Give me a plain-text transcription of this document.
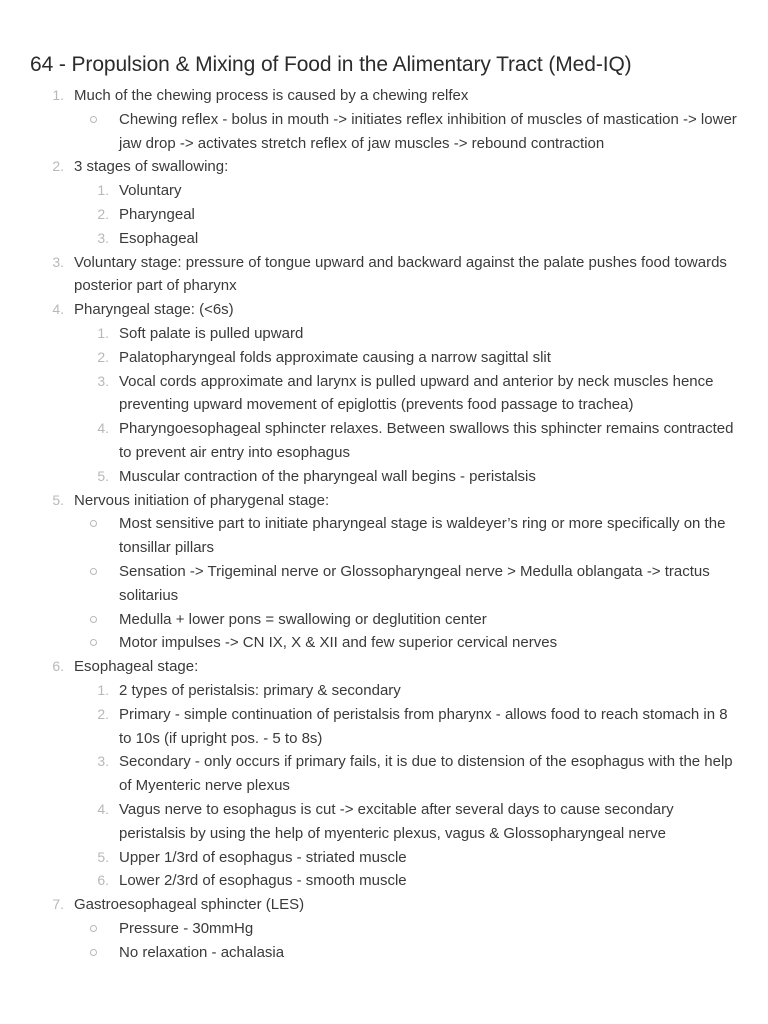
64 - Propulsion & Mixing of Food in the Alimentary Tract (Med-IQ)
1. Much of the chewing process is caused by a chewing relfex
Chewing reflex - bolus in mouth -> initiates reflex inhibition of muscles of mastication -> lower jaw drop -> activates stretch reflex of jaw muscles -> rebound contraction
2. 3 stages of swallowing:
1. Voluntary
2. Pharyngeal
3. Esophageal
3. Voluntary stage: pressure of tongue upward and backward against the palate pushes food towards posterior part of pharynx
4. Pharyngeal stage: (<6s)
1. Soft palate is pulled upward
2. Palatopharyngeal folds approximate causing a narrow sagittal slit
3. Vocal cords approximate and larynx is pulled upward and anterior by neck muscles hence preventing upward movement of epiglottis (prevents food passage to trachea)
4. Pharyngoesophageal sphincter relaxes. Between swallows this sphincter remains contracted to prevent air entry into esophagus
5. Muscular contraction of the pharyngeal wall begins - peristalsis
5. Nervous initiation of pharygenal stage:
Most sensitive part to initiate pharyngeal stage is waldeyer’s ring or more specifically on the tonsillar pillars
Sensation -> Trigeminal nerve or Glossopharyngeal nerve > Medulla oblangata -> tractus solitarius
Medulla + lower pons = swallowing or deglutition center
Motor impulses -> CN IX, X & XII and few superior cervical nerves
6. Esophageal stage:
1. 2 types of peristalsis: primary & secondary
2. Primary - simple continuation of peristalsis from pharynx - allows food to reach stomach in 8 to 10s (if upright pos. - 5 to 8s)
3. Secondary - only occurs if primary fails, it is due to distension of the esophagus with the help of Myenteric nerve plexus
4. Vagus nerve to esophagus is cut -> excitable after several days to cause secondary peristalsis by using the help of myenteric plexus, vagus & Glossopharyngeal nerve
5. Upper 1/3rd of esophagus - striated muscle
6. Lower 2/3rd of esophagus - smooth muscle
7. Gastroesophageal sphincter (LES)
Pressure - 30mmHg
No relaxation - achalasia
